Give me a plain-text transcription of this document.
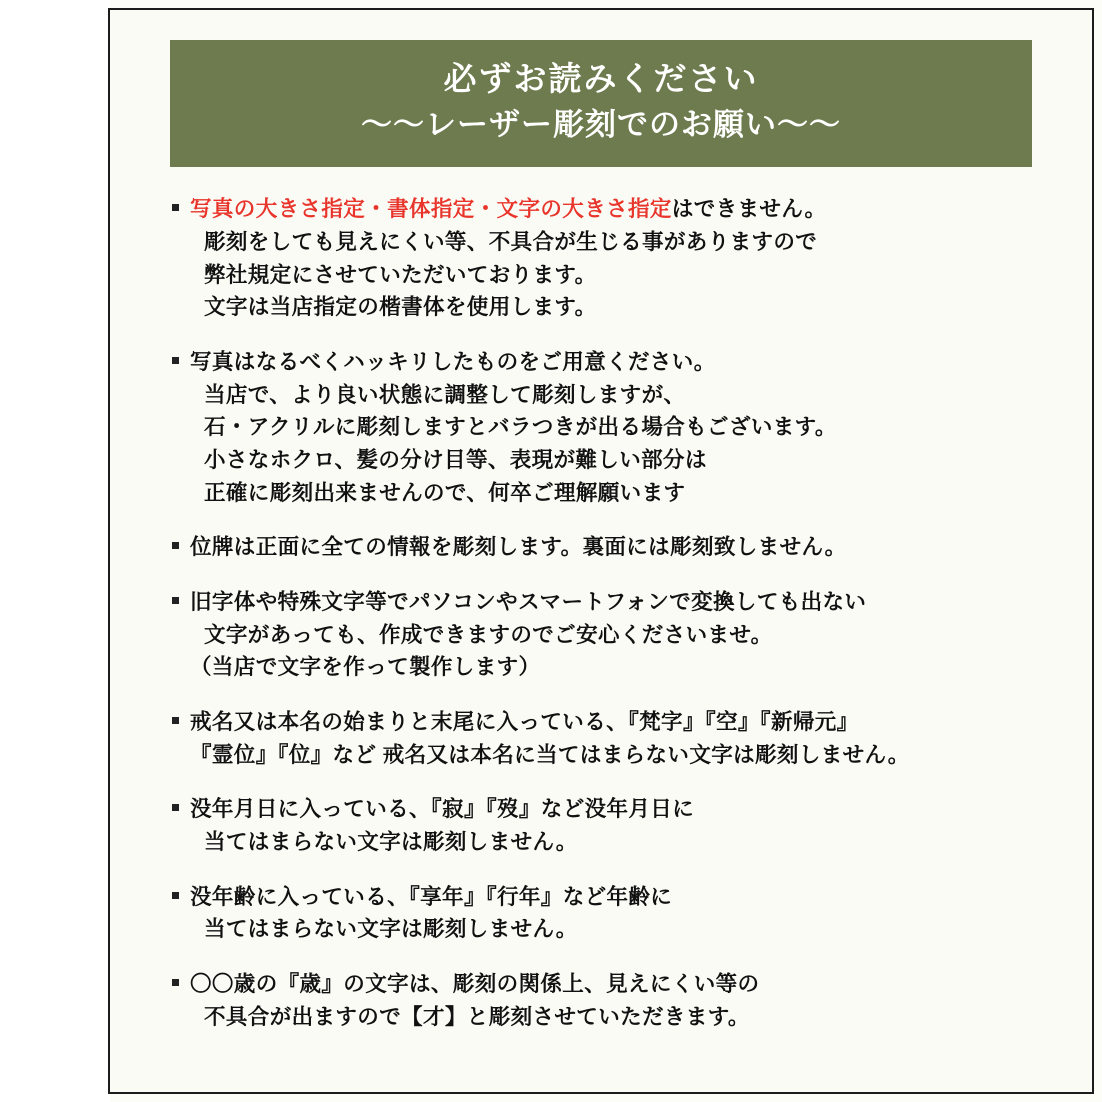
必ずお読みください
～～レーザー彫刻でのお願い～～
写真の大きさ指定・書体指定・文字の大きさ指定はできません。
彫刻をしても見えにくい等、不具合が生じる事がありますので
弊社規定にさせていただいております。
文字は当店指定の楷書体を使用します。
写真はなるべくハッキリしたものをご用意ください。
当店で、より良い状態に調整して彫刻しますが、
石・アクリルに彫刻しますとバラつきが出る場合もございます。
小さなホクロ、髪の分け目等、表現が難しい部分は
正確に彫刻出来ませんので、何卒ご理解願います
位牌は正面に全ての情報を彫刻します。裏面には彫刻致しません。
旧字体や特殊文字等でパソコンやスマートフォンで変換しても出ない
文字があっても、作成できますのでご安心くださいませ。
（当店で文字を作って製作します）
戒名又は本名の始まりと末尾に入っている、『梵字』『空』『新帰元』
『霊位』『位』など 戒名又は本名に当てはまらない文字は彫刻しません。
没年月日に入っている、『寂』『歿』など没年月日に
当てはまらない文字は彫刻しません。
没年齢に入っている、『享年』『行年』など年齢に
当てはまらない文字は彫刻しません。
〇〇歳の『歳』の文字は、彫刻の関係上、見えにくい等の
不具合が出ますので【才】と彫刻させていただきます。
